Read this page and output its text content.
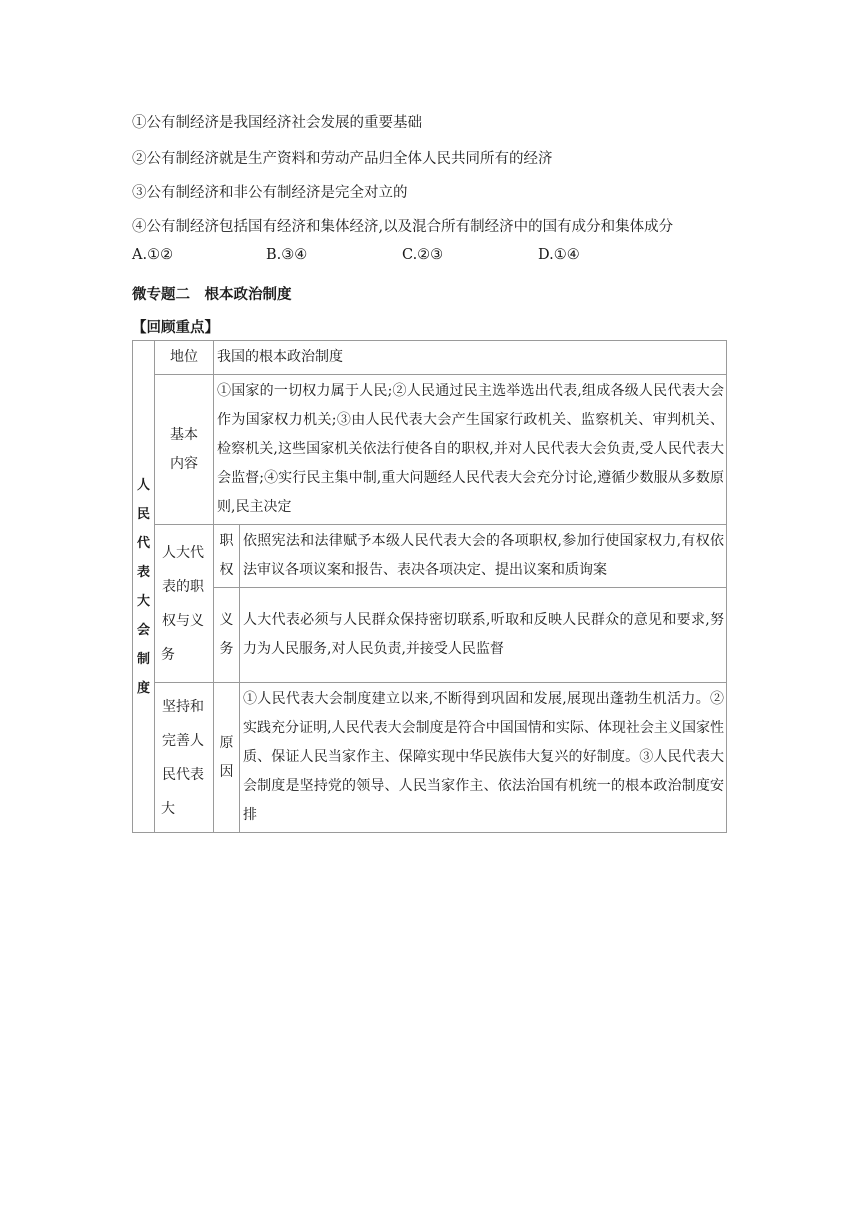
①公有制经济是我国经济社会发展的重要基础
②公有制经济就是生产资料和劳动产品归全体人民共同所有的经济
③公有制经济和非公有制经济是完全对立的
④公有制经济包括国有经济和集体经济,以及混合所有制经济中的国有成分和集体成分
A.①②	B.③④	C.②③	D.①④
微专题二　根本政治制度
【回顾重点】
人民代表大会制度	地位	我国的根本政治制度	
	基本内容	①国家的一切权力属于人民;②人民通过民主选举选出代表,组成各级人民代表大会作为国家权力机关;③由人民代表大会产生国家行政机关、监察机关、审判机关、检察机关,这些国家机关依法行使各自的职权,并对人民代表大会负责,受人民代表大会监督;④实行民主集中制,重大问题经人民代表大会充分讨论,遵循少数服从多数原则,民主决定	
	人大代表的职权与义务	职权	依照宪法和法律赋予本级人民代表大会的各项职权,参加行使国家权力,有权依法审议各项议案和报告、表决各项决定、提出议案和质询案
		义务	人大代表必须与人民群众保持密切联系,听取和反映人民群众的意见和要求,努力为人民服务,对人民负责,并接受人民监督
	坚持和完善人民代表大	原因	①人民代表大会制度建立以来,不断得到巩固和发展,展现出蓬勃生机活力。②实践充分证明,人民代表大会制度是符合中国国情和实际、体现社会主义国家性质、保证人民当家作主、保障实现中华民族伟大复兴的好制度。③人民代表大会制度是坚持党的领导、人民当家作主、依法治国有机统一的根本政治制度安排
